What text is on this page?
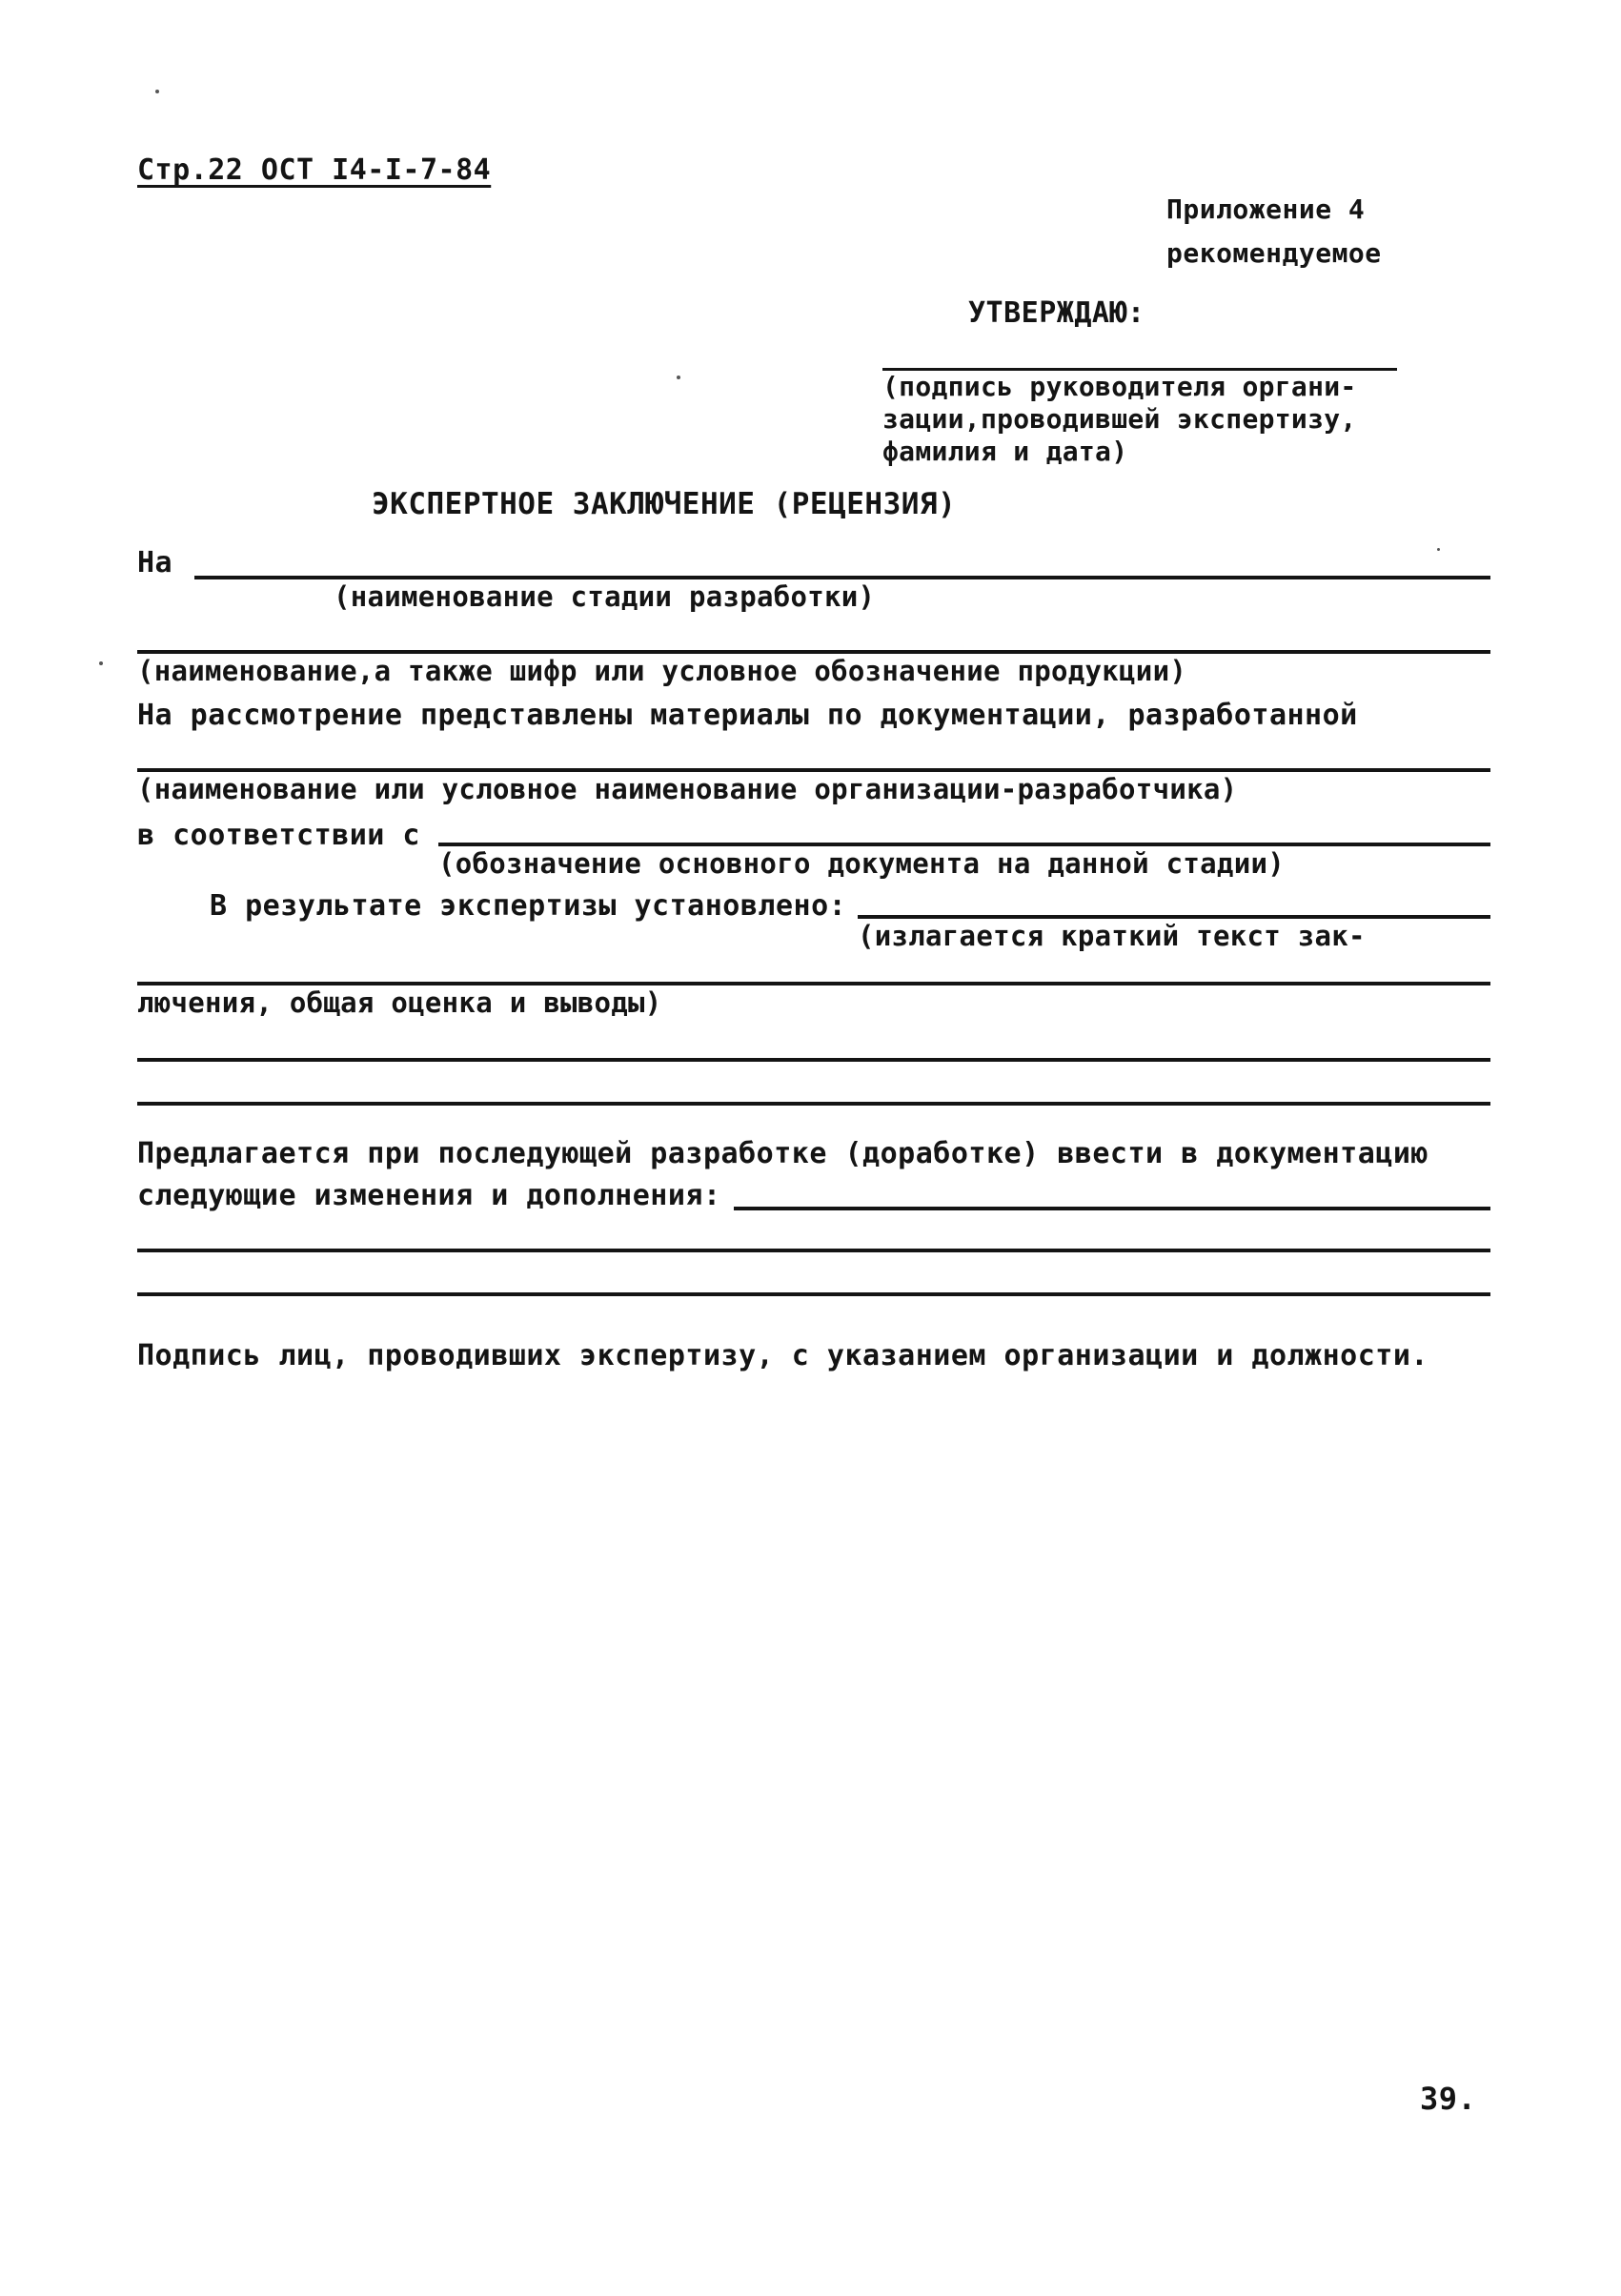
Стр.22 ОСТ I4-I-7-84
Приложение 4
рекомендуемое
УТВЕРЖДАЮ:
(подпись руководителя органи-
зации,проводившей экспертизу,
фамилия и дата)
ЭКСПЕРТНОЕ ЗАКЛЮЧЕНИЕ (РЕЦЕНЗИЯ)
На
(наименование стадии разработки)
(наименование,а также шифр или условное обозначение продукции)
На рассмотрение представлены материалы по документации, разработанной
(наименование или условное наименование организации-разработчика)
в соответствии с
(обозначение основного документа на данной стадии)
В результате экспертизы установлено:
(излагается краткий текст зак-
лючения, общая оценка и выводы)
Предлагается при последующей разработке (доработке) ввести в документацию
следующие изменения и дополнения:
Подпись лиц, проводивших экспертизу, с указанием организации и должности.
39.
